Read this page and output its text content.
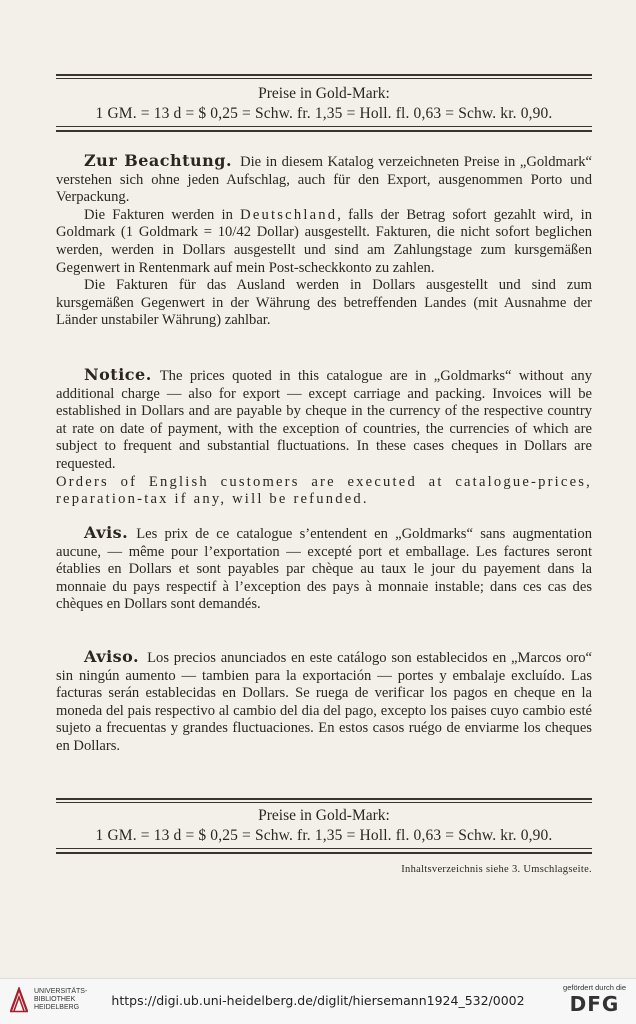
Preise in Gold-Mark:
1 GM. = 13 d = $ 0,25 = Schw. fr. 1,35 = Holl. fl. 0,63 = Schw. kr. 0,90.

Zur Beachtung. Die in diesem Katalog verzeichneten Preise in „Goldmark“ verstehen sich ohne jeden Aufschlag, auch für den Export, ausgenommen Porto und Verpackung.

Die Fakturen werden in Deutschland, falls der Betrag sofort gezahlt wird, in Goldmark (1 Goldmark = 10/42 Dollar) ausgestellt. Fakturen, die nicht sofort beglichen werden, werden in Dollars ausgestellt und sind am Zahlungstage zum kursgemäßen Gegenwert in Rentenmark auf mein Post-scheckkonto zu zahlen.

Die Fakturen für das Ausland werden in Dollars ausgestellt und sind zum kursgemäßen Gegenwert in der Währung des betreffenden Landes (mit Ausnahme der Länder unstabiler Währung) zahlbar.

Notice. The prices quoted in this catalogue are in „Goldmarks“ without any additional charge — also for export — except carriage and packing. Invoices will be established in Dollars and are payable by cheque in the currency of the respective country at rate on date of payment, with the exception of countries, the currencies of which are subject to frequent and substantial fluctuations. In these cases cheques in Dollars are requested.

Orders of English customers are executed at catalogue-prices, reparation-tax if any, will be refunded.

Avis. Les prix de ce catalogue s’entendent en „Goldmarks“ sans augmentation aucune, — même pour l’exportation — excepté port et emballage. Les factures seront établies en Dollars et sont payables par chèque au taux le jour du payement dans la monnaie du pays respectif à l’exception des pays à monnaie instable; dans ces cas des chèques en Dollars sont demandés.

Aviso. Los precios anunciados en este catálogo son establecidos en „Marcos oro“ sin ningún aumento — tambien para la exportación — portes y embalaje excluído. Las facturas serán establecidas en Dollars. Se ruega de verificar los pagos en cheque en la moneda del pais respectivo al cambio del dia del pago, excepto los paises cuyo cambio esté sujeto a frecuentas y grandes fluctuaciones. En estos casos ruégo de enviarme los cheques en Dollars.

Preise in Gold-Mark:
1 GM. = 13 d = $ 0,25 = Schw. fr. 1,35 = Holl. fl. 0,63 = Schw. kr. 0,90.
Inhaltsverzeichnis siehe 3. Umschlagseite.
UNIVERSITÄTS-
BIBLIOTHEK
HEIDELBERG	https://digi.ub.uni-heidelberg.de/diglit/hiersemann1924_532/0002
gefördert durch die
DFG
